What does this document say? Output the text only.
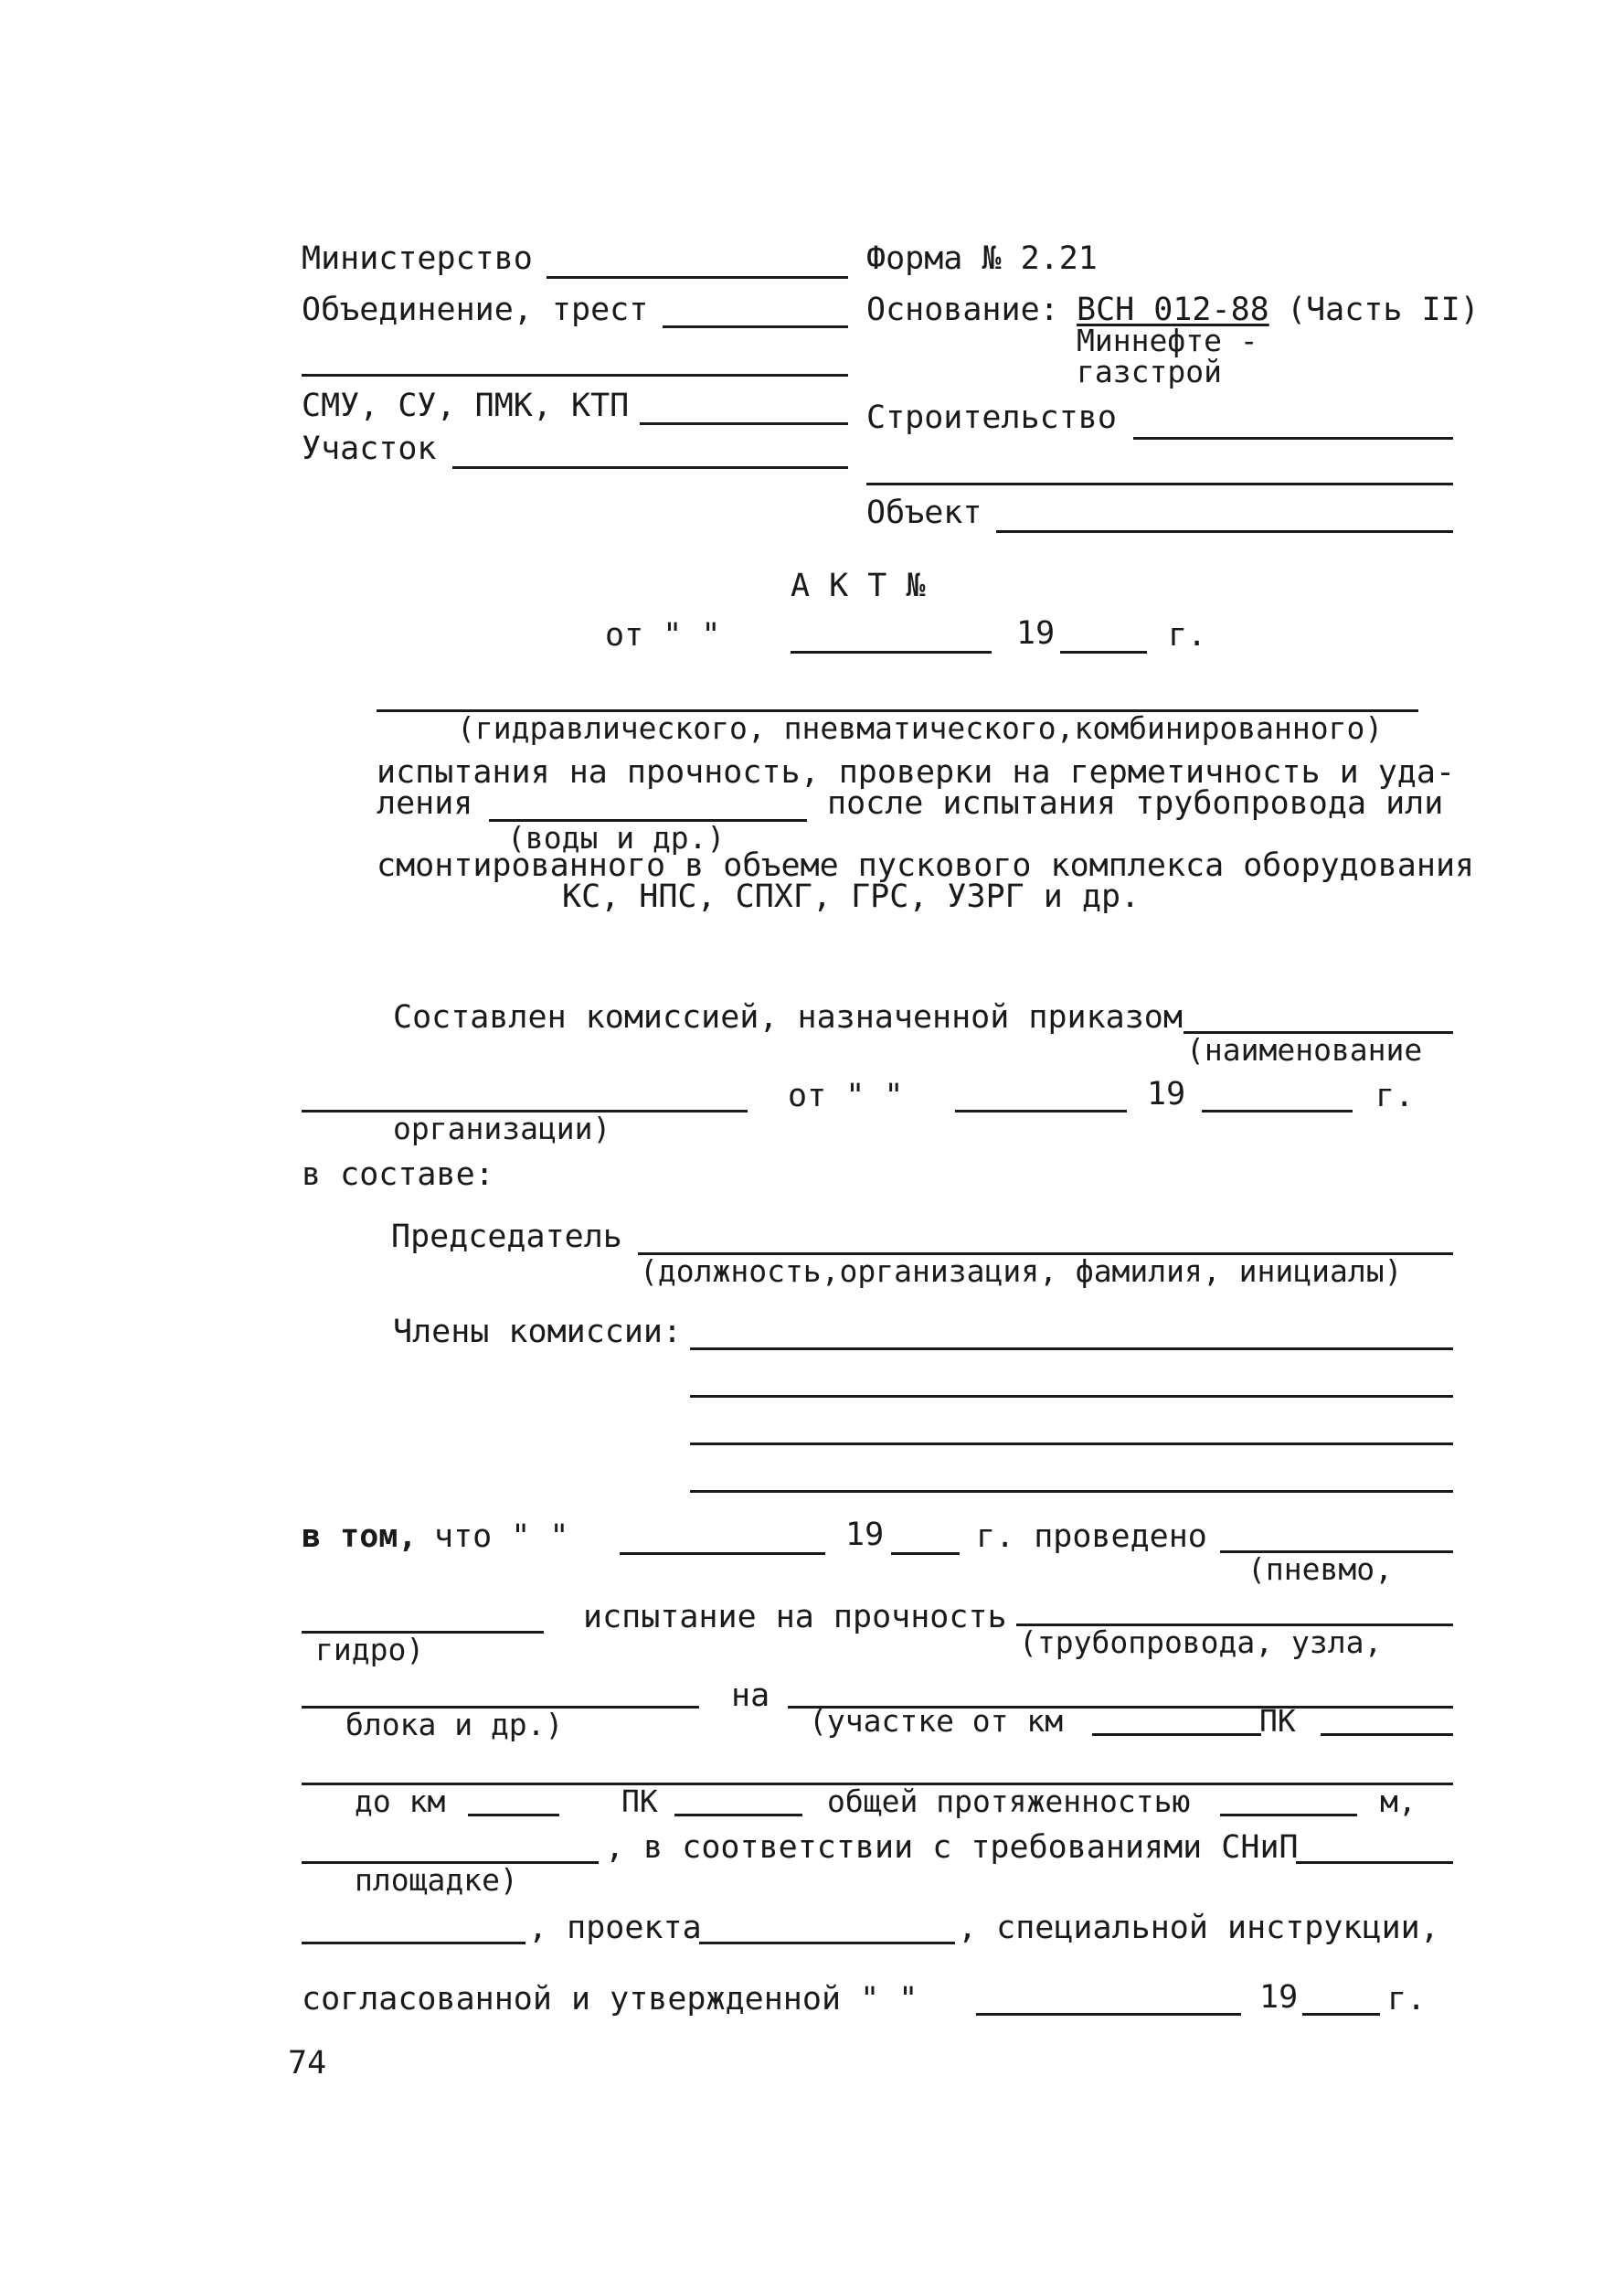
Министерство
Объединение, трест
СМУ, СУ, ПМК, КТП
Участок
Форма № 2.21
Основание: ВСН 012-88 (Часть II)
Миннефте -
газстрой
Строительство
Объект
А К Т №
от " "	19	г.
(гидравлического, пневматического,комбинированного)
испытания на прочность, проверки на герметичность и уда-
ления	после испытания трубопровода или
(воды и др.)
смонтированного в объеме пускового комплекса оборудования
КС, НПС, СПХГ, ГРС, УЗРГ и др.
Составлен комиссией, назначенной приказом
(наименование
от " "	19	г.
организации)
в составе:
Председатель
(должность,организация, фамилия, инициалы)
Члены комиссии:
в том, что " "	19	г. проведено
(пневмо,
испытание на прочность
гидро)	(трубопровода, узла,
на
блока и др.)	(участке от км	ПК
до км	ПК	общей протяженностью	м,
, в соответствии с требованиями СНиП
площадке)
, проекта	, специальной инструкции,
согласованной и утвержденной " "	19	г.
74
